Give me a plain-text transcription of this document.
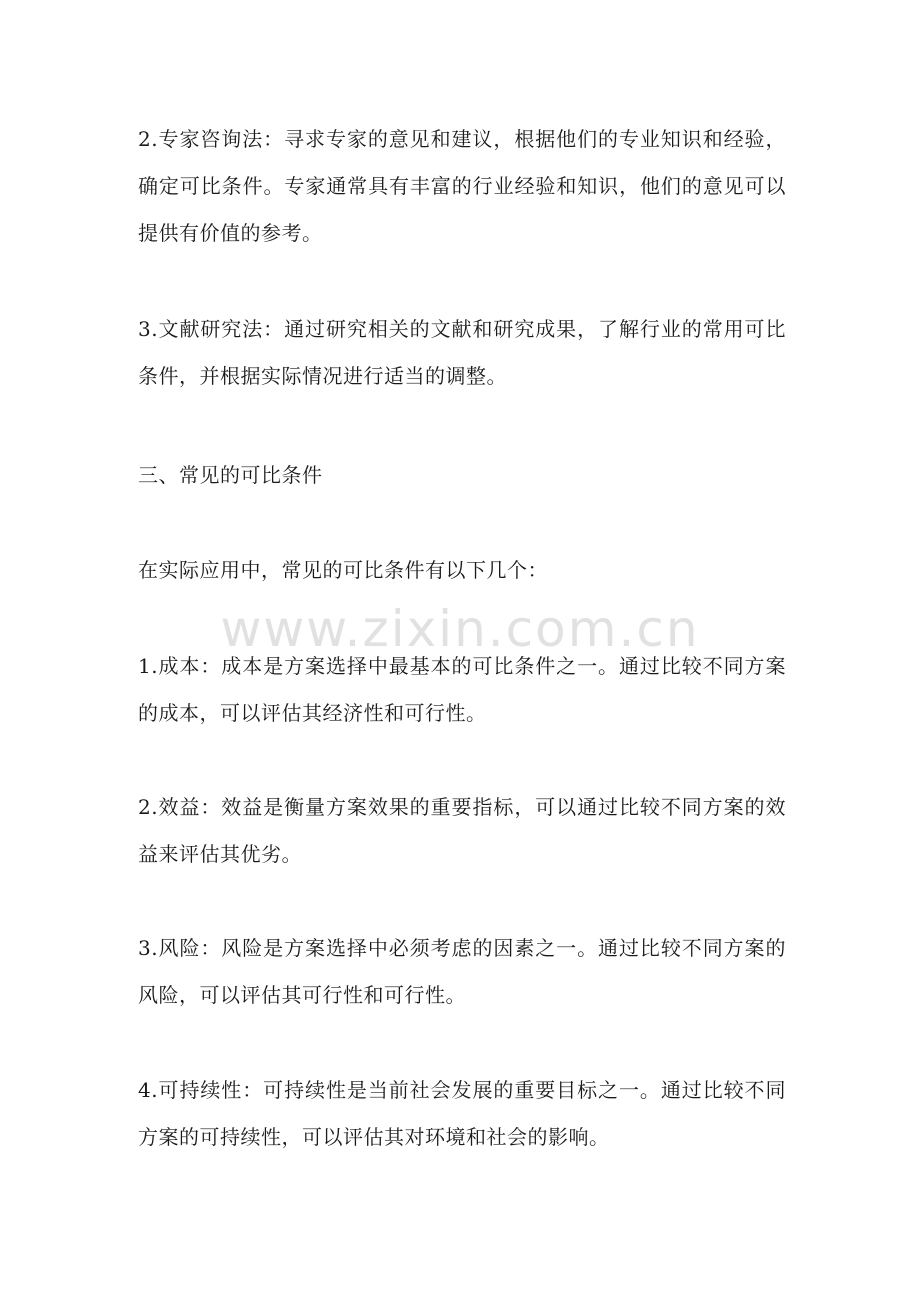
2.专家咨询法：寻求专家的意见和建议，根据他们的专业知识和经验，确定可比条件。专家通常具有丰富的行业经验和知识，他们的意见可以提供有价值的参考。

3.文献研究法：通过研究相关的文献和研究成果，了解行业的常用可比条件，并根据实际情况进行适当的调整。

三、常见的可比条件

在实际应用中，常见的可比条件有以下几个：

1.成本：成本是方案选择中最基本的可比条件之一。通过比较不同方案的成本，可以评估其经济性和可行性。

2.效益：效益是衡量方案效果的重要指标，可以通过比较不同方案的效益来评估其优劣。

3.风险：风险是方案选择中必须考虑的因素之一。通过比较不同方案的风险，可以评估其可行性和可行性。

4.可持续性：可持续性是当前社会发展的重要目标之一。通过比较不同方案的可持续性，可以评估其对环境和社会的影响。

www.zixin.com.cn
